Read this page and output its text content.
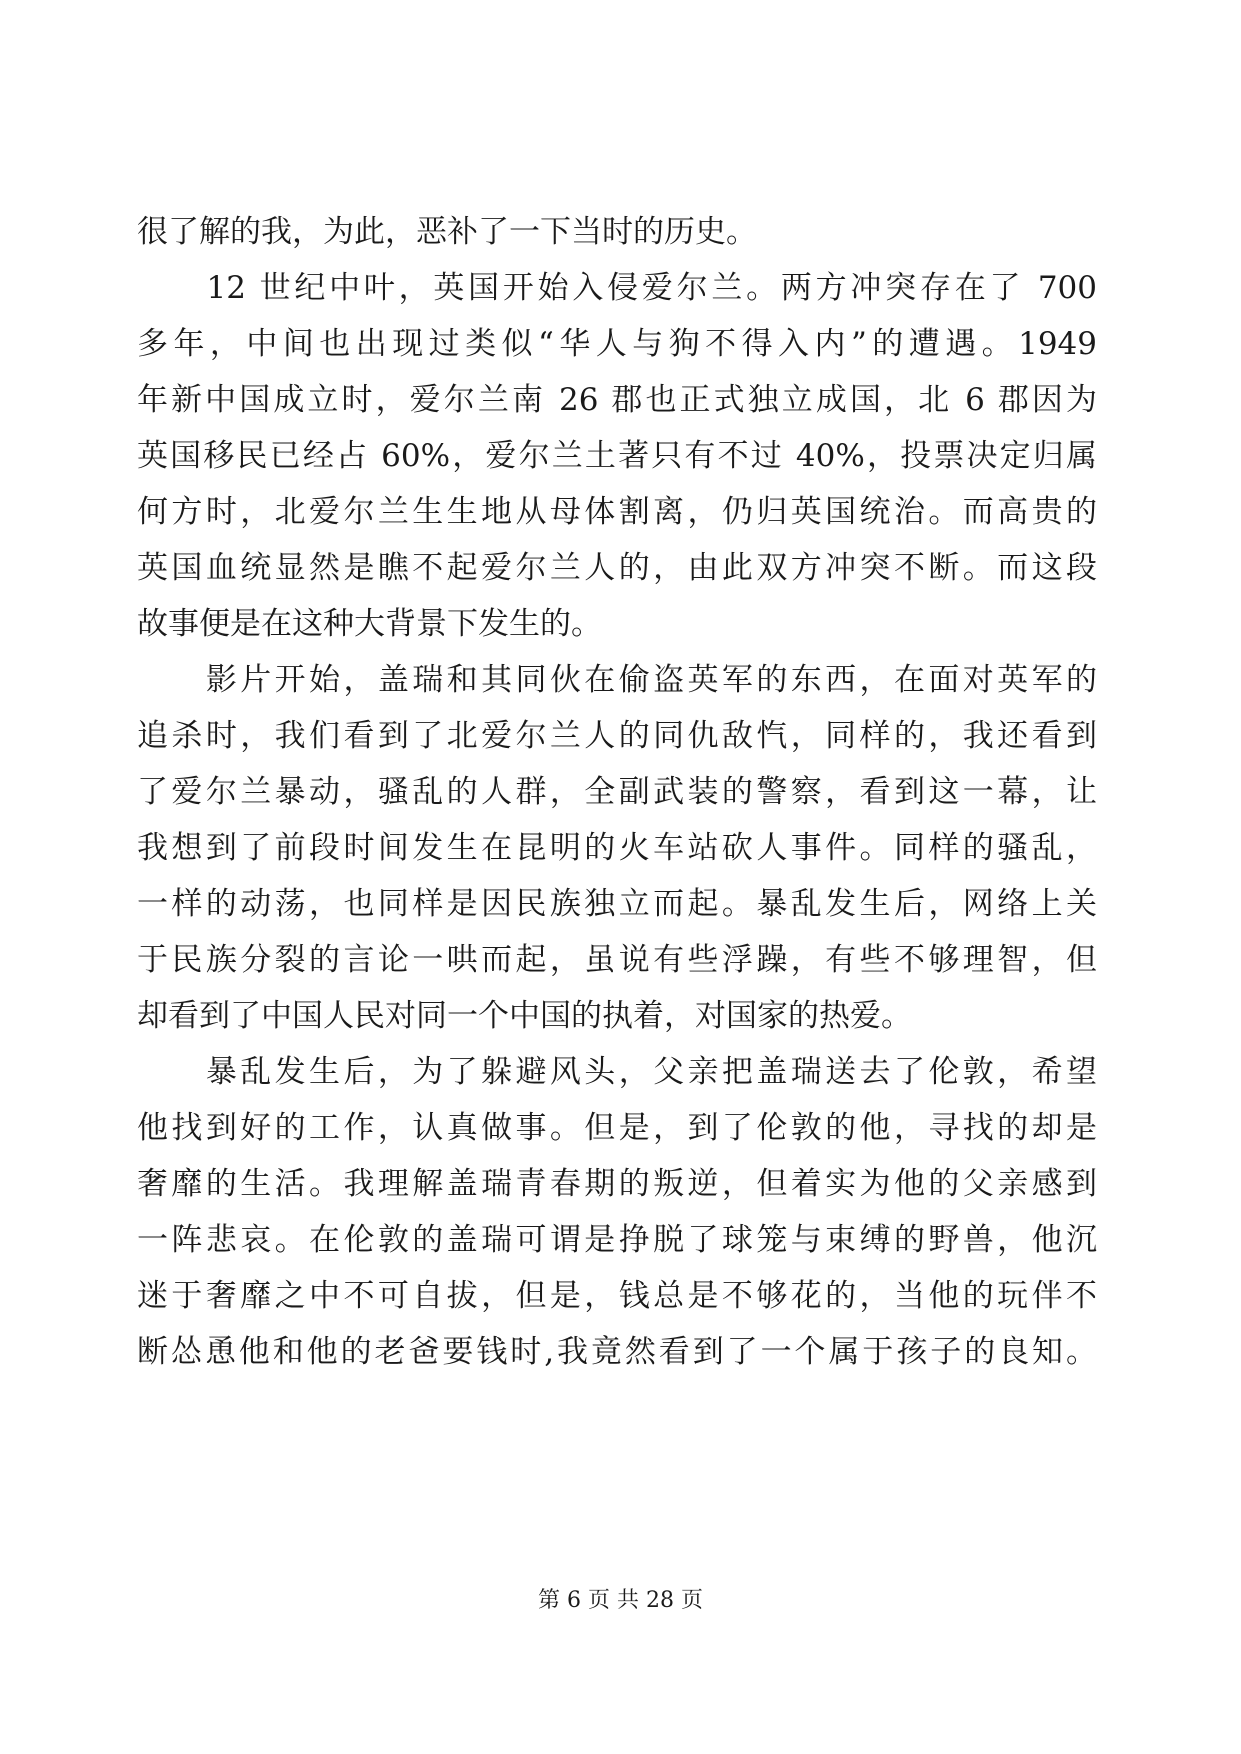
很了解的我，为此，恶补了一下当时的历史。
　　12 世纪中叶，英国开始入侵爱尔兰。两方冲突存在了 700
多年，中间也出现过类似“华人与狗不得入内”的遭遇。1949
年新中国成立时，爱尔兰南 26 郡也正式独立成国，北 6 郡因为
英国移民已经占 60%，爱尔兰土著只有不过 40%，投票决定归属
何方时，北爱尔兰生生地从母体割离，仍归英国统治。而高贵的
英国血统显然是瞧不起爱尔兰人的，由此双方冲突不断。而这段
故事便是在这种大背景下发生的。
　　影片开始，盖瑞和其同伙在偷盗英军的东西，在面对英军的
追杀时，我们看到了北爱尔兰人的同仇敌忾，同样的，我还看到
了爱尔兰暴动，骚乱的人群，全副武装的警察，看到这一幕，让
我想到了前段时间发生在昆明的火车站砍人事件。同样的骚乱，
一样的动荡，也同样是因民族独立而起。暴乱发生后，网络上关
于民族分裂的言论一哄而起，虽说有些浮躁，有些不够理智，但
却看到了中国人民对同一个中国的执着，对国家的热爱。
　　暴乱发生后，为了躲避风头，父亲把盖瑞送去了伦敦，希望
他找到好的工作，认真做事。但是，到了伦敦的他，寻找的却是
奢靡的生活。我理解盖瑞青春期的叛逆，但着实为他的父亲感到
一阵悲哀。在伦敦的盖瑞可谓是挣脱了球笼与束缚的野兽，他沉
迷于奢靡之中不可自拔，但是，钱总是不够花的，当他的玩伴不
断怂恿他和他的老爸要钱时,我竟然看到了一个属于孩子的良知。
第 6 页 共 28 页
